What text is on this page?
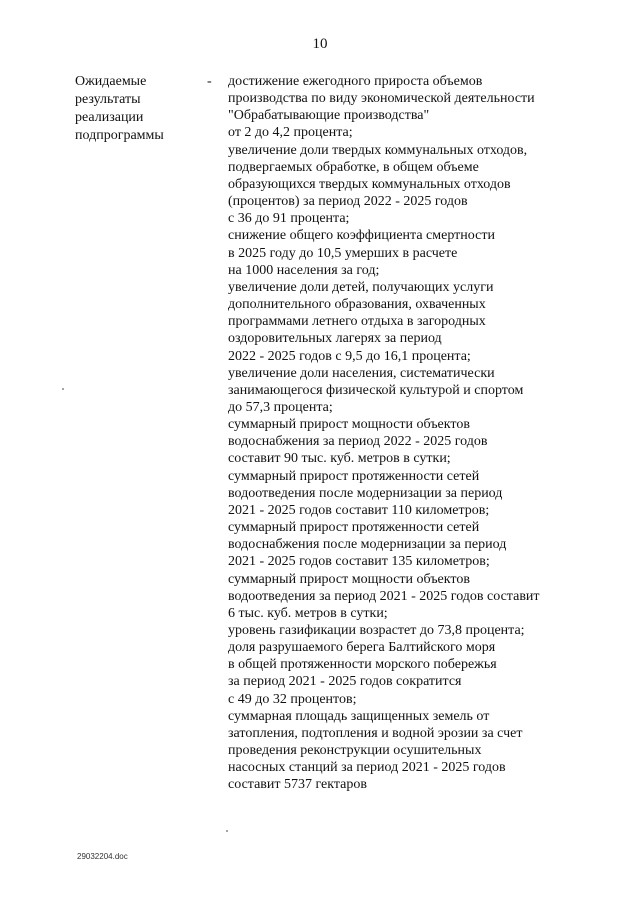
10
Ожидаемые
результаты
реализации
подпрограммы
- достижение ежегодного прироста объемов
производства по виду экономической деятельности
"Обрабатывающие производства"
от 2 до 4,2 процента;
увеличение доли твердых коммунальных отходов,
подвергаемых обработке, в общем объеме
образующихся твердых коммунальных отходов
(процентов) за период 2022 - 2025 годов
с 36 до 91 процента;
снижение общего коэффициента смертности
в 2025 году до 10,5 умерших в расчете
на 1000 населения за год;
увеличение доли детей, получающих услуги
дополнительного образования, охваченных
программами летнего отдыха в загородных
оздоровительных лагерях за период
2022 - 2025 годов с 9,5 до 16,1 процента;
увеличение доли населения, систематически
занимающегося физической культурой и спортом
до 57,3 процента;
суммарный прирост мощности объектов
водоснабжения за период 2022 - 2025 годов
составит 90 тыс. куб. метров в сутки;
суммарный прирост протяженности сетей
водоотведения после модернизации за период
2021 - 2025 годов составит 110 километров;
суммарный прирост протяженности сетей
водоснабжения после модернизации за период
2021 - 2025 годов составит 135 километров;
суммарный прирост мощности объектов
водоотведения за период 2021 - 2025 годов составит
6 тыс. куб. метров в сутки;
уровень газификации возрастет до 73,8 процента;
доля разрушаемого берега Балтийского моря
в общей протяженности морского побережья
за период 2021 - 2025 годов сократится
с 49 до 32 процентов;
суммарная площадь защищенных земель от
затопления, подтопления и водной эрозии за счет
проведения реконструкции осушительных
насосных станций за период 2021 - 2025 годов
составит 5737 гектаров
29032204.doc
